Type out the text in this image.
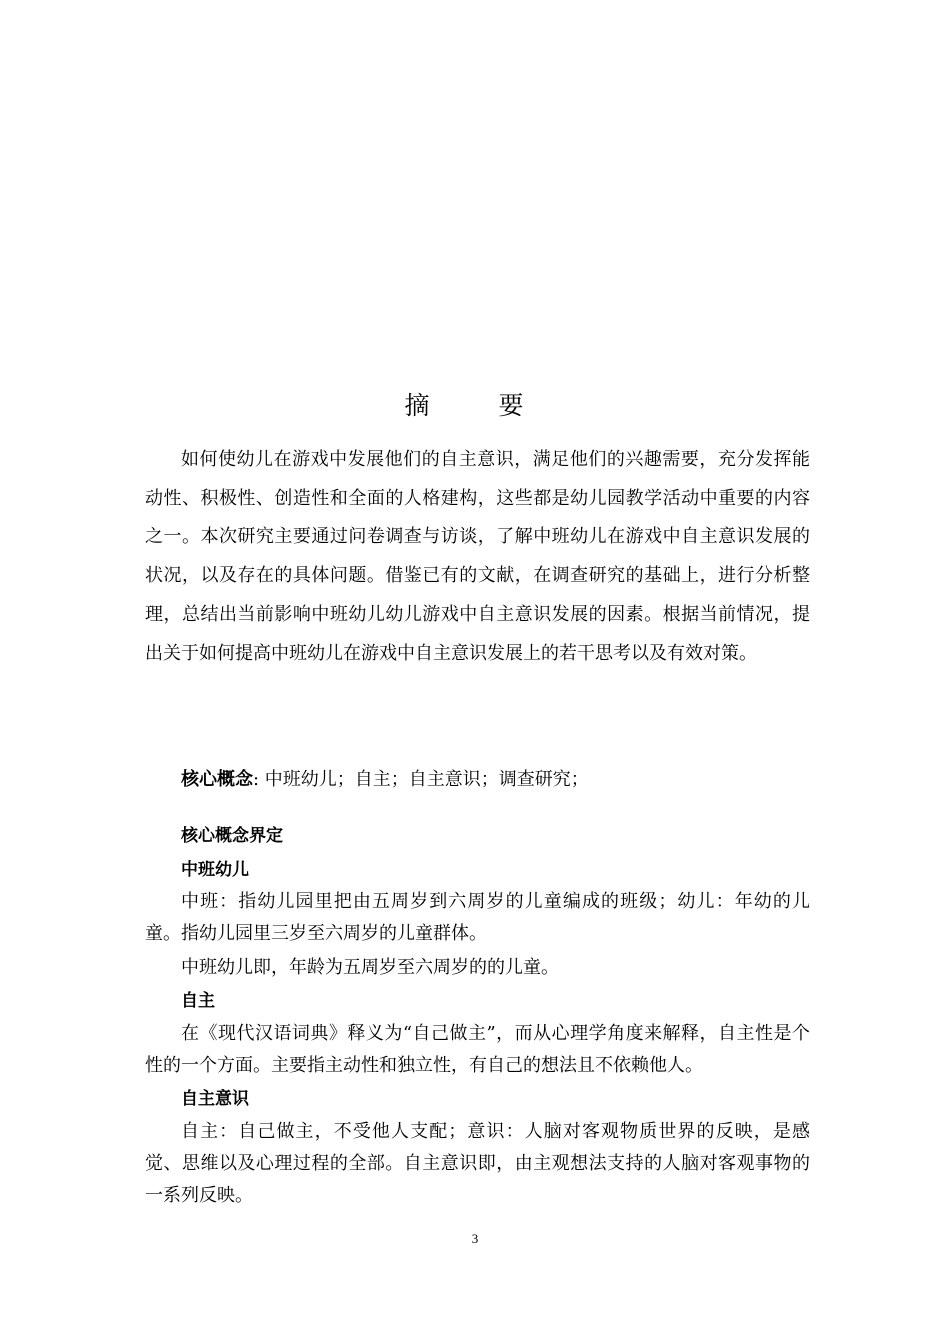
摘　要

如何使幼儿在游戏中发展他们的自主意识，满足他们的兴趣需要，充分发挥能动性、积极性、创造性和全面的人格建构，这些都是幼儿园教学活动中重要的内容之一。本次研究主要通过问卷调查与访谈，了解中班幼儿在游戏中自主意识发展的状况，以及存在的具体问题。借鉴已有的文献，在调查研究的基础上，进行分析整理，总结出当前影响中班幼儿幼儿游戏中自主意识发展的因素。根据当前情况，提出关于如何提高中班幼儿在游戏中自主意识发展上的若干思考以及有效对策。

核心概念: 中班幼儿；自主；自主意识；调查研究；

核心概念界定
中班幼儿

中班：指幼儿园里把由五周岁到六周岁的儿童编成的班级；幼儿：年幼的儿童。指幼儿园里三岁至六周岁的儿童群体。

中班幼儿即，年龄为五周岁至六周岁的的儿童。

自主

在《现代汉语词典》释义为“自己做主”，而从心理学角度来解释，自主性是个性的一个方面。主要指主动性和独立性，有自己的想法且不依赖他人。

自主意识

自主：自己做主，不受他人支配；意识：人脑对客观物质世界的反映，是感觉、思维以及心理过程的全部。自主意识即，由主观想法支持的人脑对客观事物的一系列反映。

3
